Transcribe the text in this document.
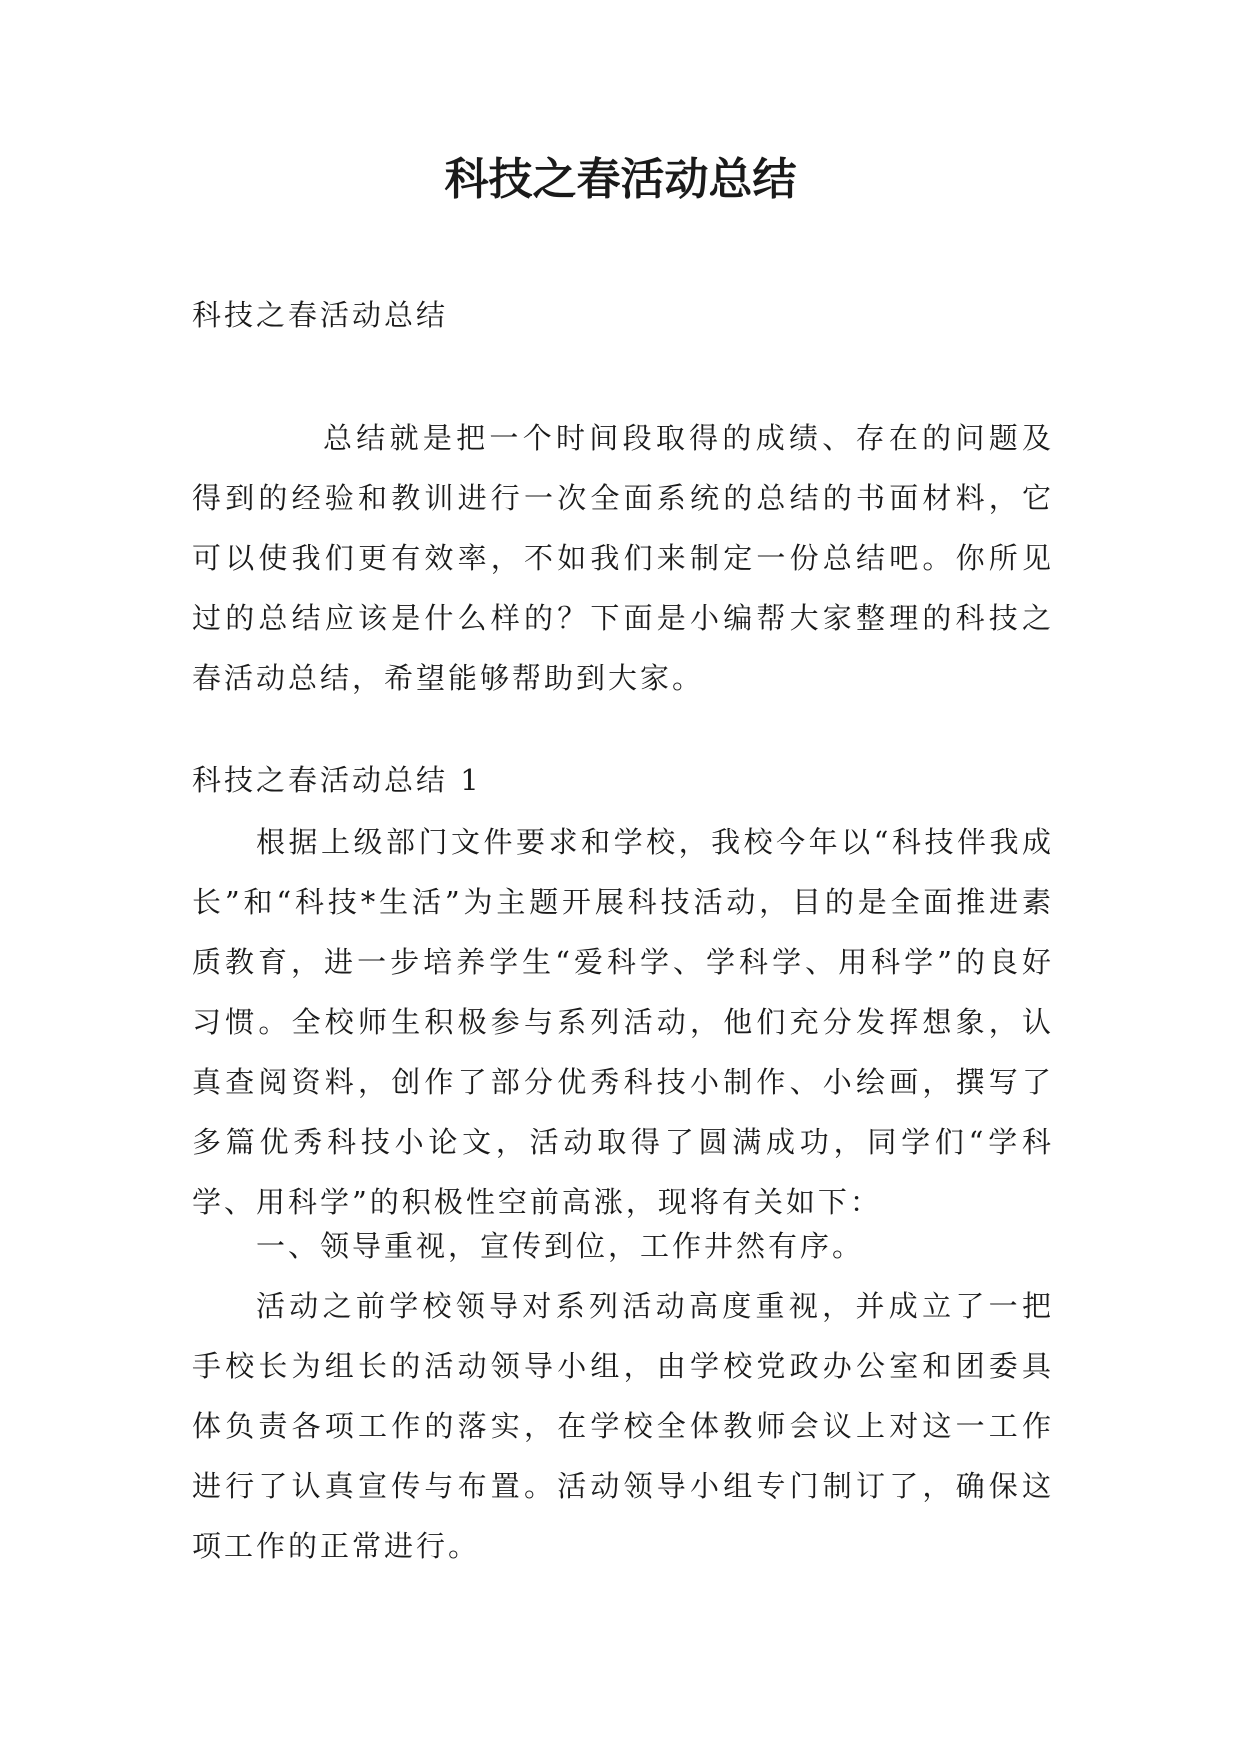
科技之春活动总结

科技之春活动总结

总结就是把一个时间段取得的成绩、存在的问题及得到的经验和教训进行一次全面系统的总结的书面材料，它可以使我们更有效率，不如我们来制定一份总结吧。你所见过的总结应该是什么样的？下面是小编帮大家整理的科技之春活动总结，希望能够帮助到大家。

科技之春活动总结 1

根据上级部门文件要求和学校，我校今年以“科技伴我成长”和“科技*生活”为主题开展科技活动，目的是全面推进素质教育，进一步培养学生“爱科学、学科学、用科学”的良好习惯。全校师生积极参与系列活动，他们充分发挥想象，认真查阅资料，创作了部分优秀科技小制作、小绘画，撰写了多篇优秀科技小论文，活动取得了圆满成功，同学们“学科学、用科学”的积极性空前高涨，现将有关如下：

一、领导重视，宣传到位，工作井然有序。

活动之前学校领导对系列活动高度重视，并成立了一把手校长为组长的活动领导小组，由学校党政办公室和团委具体负责各项工作的落实，在学校全体教师会议上对这一工作进行了认真宣传与布置。活动领导小组专门制订了，确保这项工作的正常进行。
